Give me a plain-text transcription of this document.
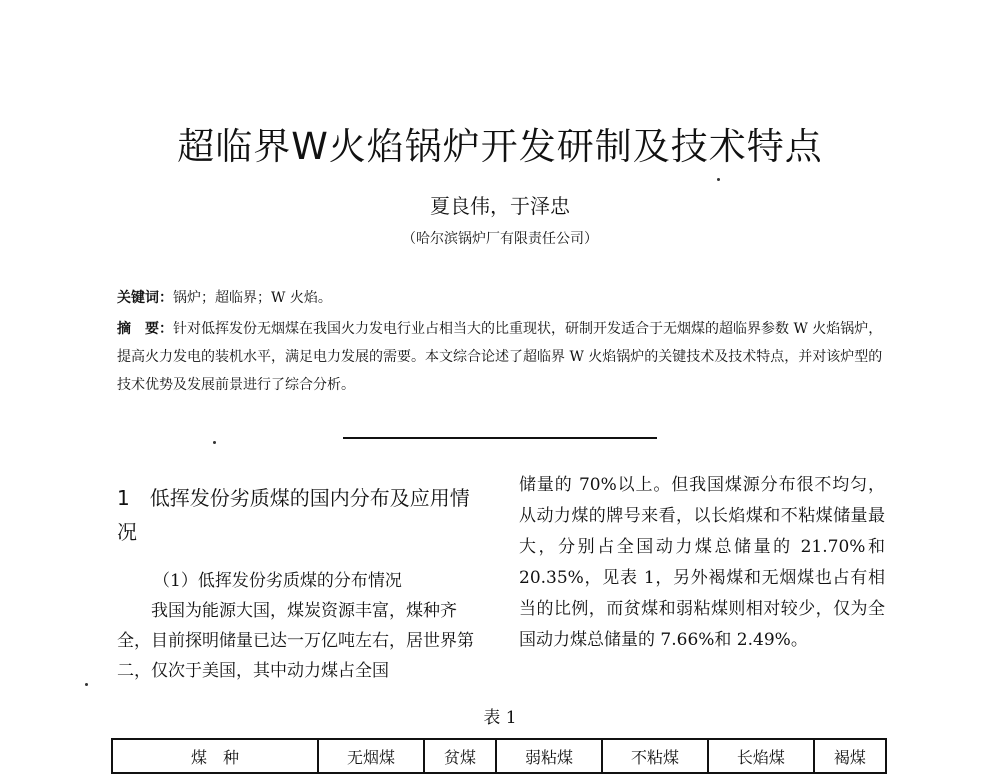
超临界W火焰锅炉开发研制及技术特点
夏良伟，于泽忠
（哈尔滨锅炉厂有限责任公司）
关键词：锅炉；超临界；W 火焰。
摘　要：针对低挥发份无烟煤在我国火力发电行业占相当大的比重现状，研制开发适合于无烟煤的超临界参数 W 火焰锅炉，提高火力发电的装机水平，满足电力发展的需要。本文综合论述了超临界 W 火焰锅炉的关键技术及技术特点，并对该炉型的技术优势及发展前景进行了综合分析。
1　低挥发份劣质煤的国内分布及应用情况
（1）低挥发份劣质煤的分布情况
我国为能源大国，煤炭资源丰富，煤种齐全，目前探明储量已达一万亿吨左右，居世界第二，仅次于美国，其中动力煤占全国
储量的 70%以上。但我国煤源分布很不均匀，从动力煤的牌号来看，以长焰煤和不粘煤储量最大，分别占全国动力煤总储量的 21.70%和 20.35%，见表 1，另外褐煤和无烟煤也占有相当的比例，而贫煤和弱粘煤则相对较少，仅为全国动力煤总储量的 7.66%和 2.49%。
表 1
煤　种	无烟煤	贫煤	弱粘煤	不粘煤	长焰煤	褐煤
